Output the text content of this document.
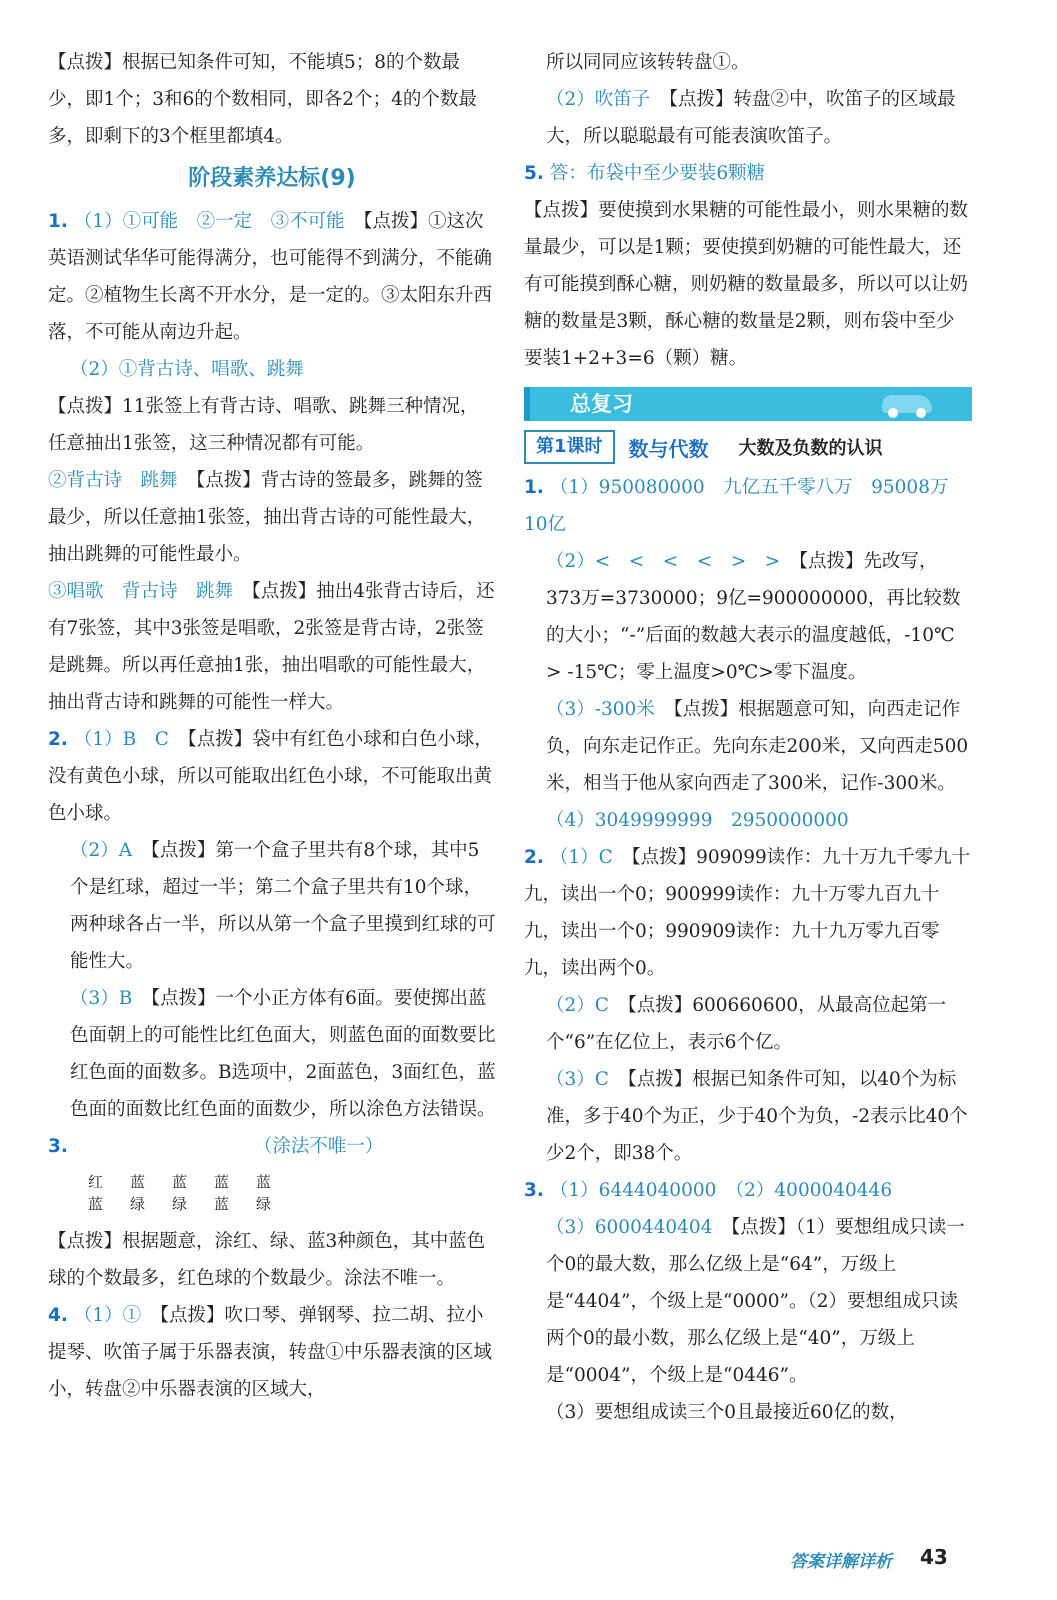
【点拨】根据已知条件可知，不能填5；8的个数最少，即1个；3和6的个数相同，即各2个；4的个数最多，即剩下的3个框里都填4。

阶段素养达标(9)

1. （1）①可能　②一定　③不可能　 【点拨】①这次英语测试华华可能得满分，也可能得不到满分，不能确定。②植物生长离不开水分，是一定的。③太阳东升西落，不可能从南边升起。

（2）①背古诗、唱歌、跳舞

【点拨】11张签上有背古诗、唱歌、跳舞三种情况，任意抽出1张签，这三种情况都有可能。

②背古诗　跳舞　 【点拨】背古诗的签最多，跳舞的签最少，所以任意抽1张签，抽出背古诗的可能性最大，抽出跳舞的可能性最小。

③唱歌　背古诗　跳舞　 【点拨】抽出4张背古诗后，还有7张签，其中3张签是唱歌，2张签是背古诗，2张签是跳舞。所以再任意抽1张，抽出唱歌的可能性最大，抽出背古诗和跳舞的可能性一样大。

2. （1）B　C　 【点拨】袋中有红色小球和白色小球，没有黄色小球，所以可能取出红色小球，不可能取出黄色小球。

（2）A　 【点拨】第一个盒子里共有8个球，其中5个是红球，超过一半；第二个盒子里共有10个球，两种球各占一半，所以从第一个盒子里摸到红球的可能性大。

（3）B　 【点拨】一个小正方体有6面。要使掷出蓝色面朝上的可能性比红色面大，则蓝色面的面数要比红色面的面数多。B选项中，2面蓝色，3面红色，蓝色面的面数比红色面的面数少，所以涂色方法错误。

3.	（涂法不唯一）

红　蓝　蓝　蓝　蓝
蓝　绿　绿　蓝　绿

【点拨】根据题意，涂红、绿、蓝3种颜色，其中蓝色球的个数最多，红色球的个数最少。涂法不唯一。

4. （1）①　 【点拨】吹口琴、弹钢琴、拉二胡、拉小提琴、吹笛子属于乐器表演，转盘①中乐器表演的区域小，转盘②中乐器表演的区域大，

所以同同应该转转盘①。

（2）吹笛子　 【点拨】转盘②中，吹笛子的区域最大，所以聪聪最有可能表演吹笛子。

5. 答：布袋中至少要装6颗糖

【点拨】要使摸到水果糖的可能性最小，则水果糖的数量最少，可以是1颗；要使摸到奶糖的可能性最大，还有可能摸到酥心糖，则奶糖的数量最多，所以可以让奶糖的数量是3颗，酥心糖的数量是2颗，则布袋中至少要装1+2+3=6（颗）糖。

总复习
第1课时	数与代数 大数及负数的认识

1. （1）950080000　九亿五千零八万　95008万　10亿

（2）<　<　<　<　>　>　 【点拨】先改写，373万=3730000；9亿=900000000，再比较数的大小；“-”后面的数越大表示的温度越低，-10℃ > -15℃；零上温度>0℃>零下温度。

（3）-300米　 【点拨】根据题意可知，向西走记作负，向东走记作正。先向东走200米，又向西走500米，相当于他从家向西走了300米，记作-300米。

（4）3049999999　2950000000

2. （1）C　 【点拨】909099读作：九十万九千零九十九，读出一个0；900999读作：九十万零九百九十九，读出一个0；990909读作：九十九万零九百零九，读出两个0。

（2）C　 【点拨】600660600，从最高位起第一个“6”在亿位上，表示6个亿。

（3）C　 【点拨】根据已知条件可知，以40个为标准，多于40个为正，少于40个为负，-2表示比40个少2个，即38个。

3. （1）6444040000　（2）4000040446

（3）6000440404　 【点拨】（1）要想组成只读一个0的最大数，那么亿级上是“64”，万级上是“4404”，个级上是“0000”。（2）要想组成只读两个0的最小数，那么亿级上是“40”，万级上是“0004”，个级上是“0446”。

（3）要想组成读三个0且最接近60亿的数，

答案详解详析 43
